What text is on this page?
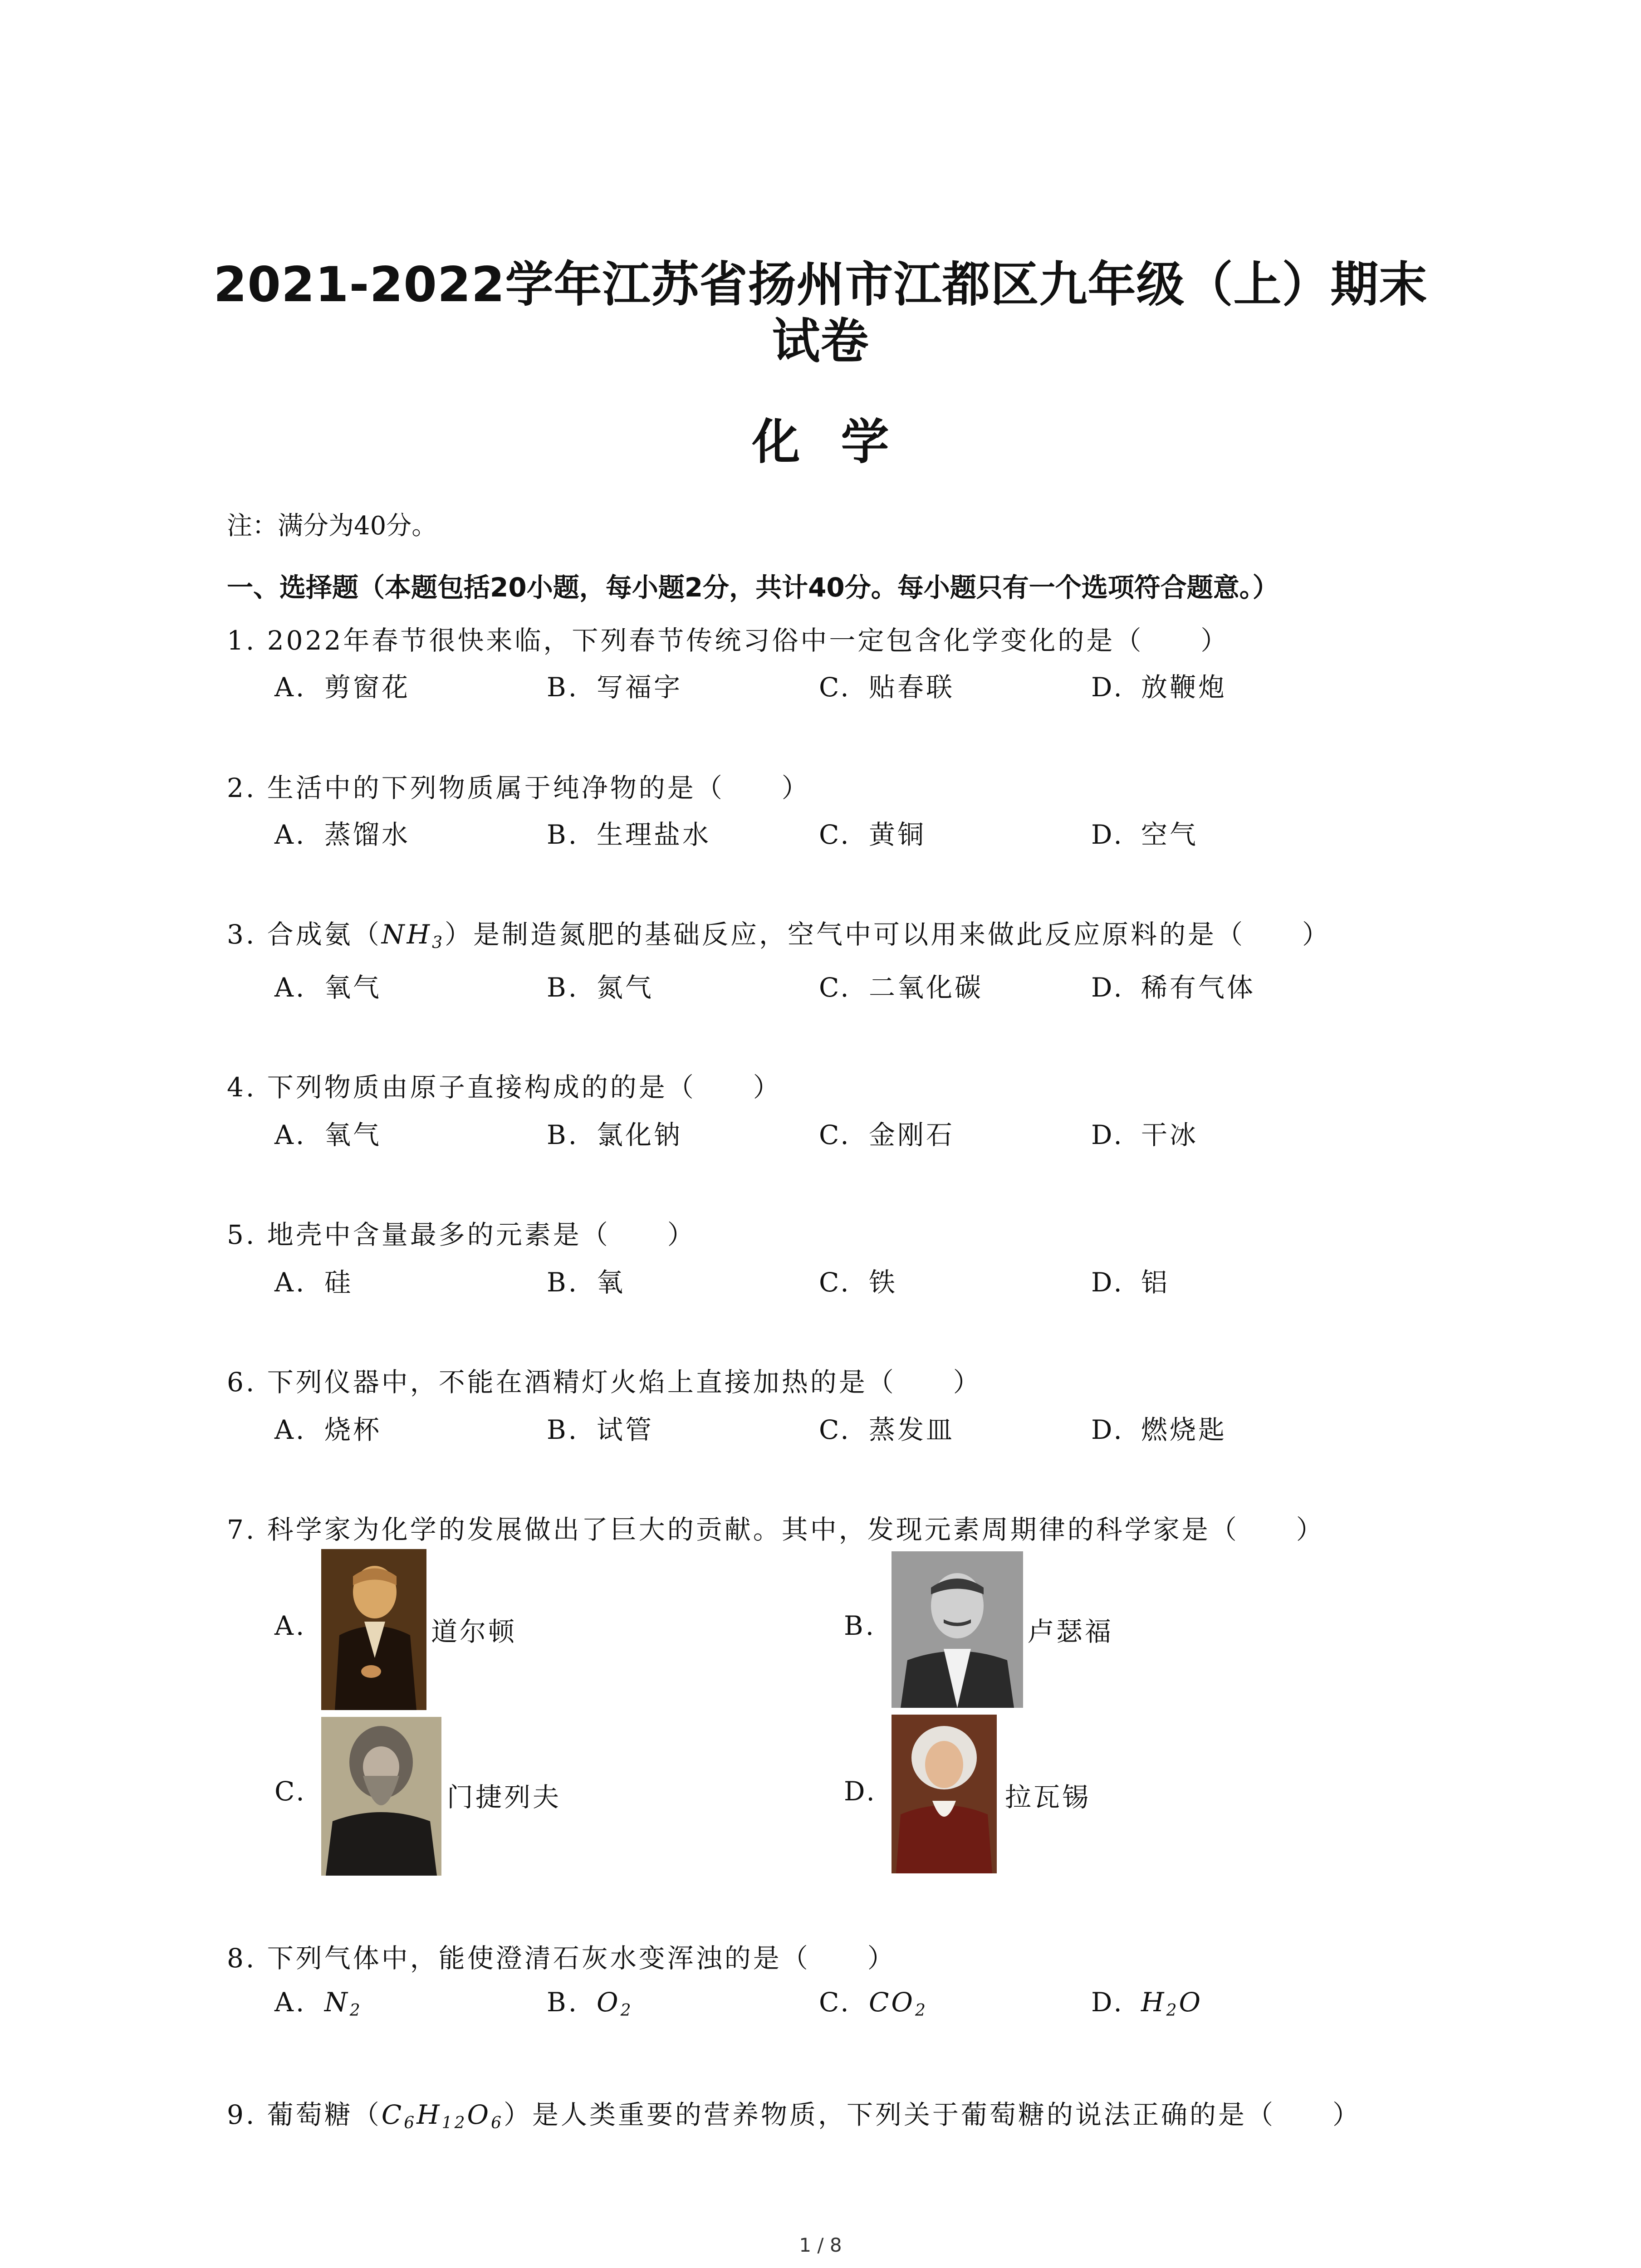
2021-2022学年江苏省扬州市江都区九年级（上）期末
试卷
化学
注：满分为40分。
一、选择题（本题包括20小题，每小题2分，共计40分。每小题只有一个选项符合题意。）
1. 2022年春节很快来临，下列春节传统习俗中一定包含化学变化的是（　　）
A. 剪窗花	B. 写福字	C. 贴春联	D. 放鞭炮
2. 生活中的下列物质属于纯净物的是（　　）
A. 蒸馏水	B. 生理盐水	C. 黄铜	D. 空气
3. 合成氨$(NH_3)$是制造氮肥的基础反应，空气中可以用来做此反应原料的是（　　）
A. 氧气	B. 氮气	C. 二氧化碳	D. 稀有气体
4. 下列物质由原子直接构成的的是（　　）
A. 氧气	B. 氯化钠	C. 金刚石	D. 干冰
5. 地壳中含量最多的元素是（　　）
A. 硅	B. 氧	C. 铁	D. 铝
6. 下列仪器中，不能在酒精灯火焰上直接加热的是（　　）
A. 烧杯	B. 试管	C. 蒸发皿	D. 燃烧匙
7. 科学家为化学的发展做出了巨大的贡献。其中，发现元素周期律的科学家是（　　）
A.	道尔顿	B.	卢瑟福
C.	门捷列夫	D.	拉瓦锡
8. 下列气体中，能使澄清石灰水变浑浊的是（　　）
A. $N_2$	B. $O_2$	C. $CO_2$	D. $H_2O$
9. 葡萄糖$(C_6H_{12}O_6)$是人类重要的营养物质，下列关于葡萄糖的说法正确的是（　　）
1 / 8
